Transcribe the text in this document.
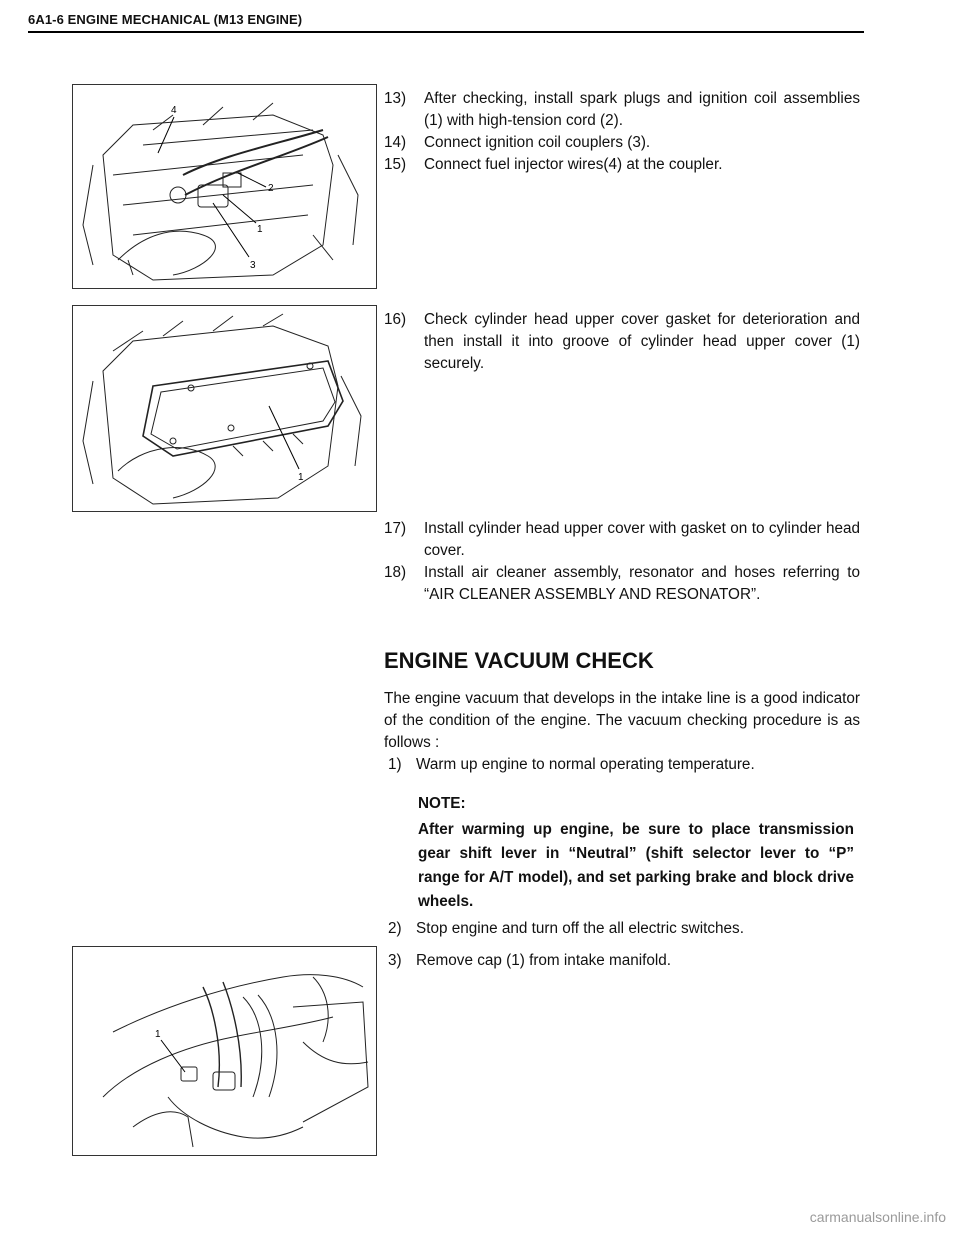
6A1-6 ENGINE MECHANICAL (M13 ENGINE)
4
2
1
3
13)	After checking, install spark plugs and ignition coil assemblies (1) with high-tension cord (2).
14)	Connect ignition coil couplers (3).
15)	Connect fuel injector wires(4) at the coupler.
1
16)	Check cylinder head upper cover gasket for deterioration and then install it into groove of cylinder head upper cover (1) securely.
17)	Install cylinder head upper cover with gasket on to cylinder head cover.
18)	Install air cleaner assembly, resonator and hoses referring to “AIR CLEANER ASSEMBLY AND RESONATOR”.
ENGINE VACUUM CHECK
The engine vacuum that develops in the intake line is a good indicator of the condition of the engine. The vacuum checking procedure is as follows :
1) Warm up engine to normal operating temperature.
NOTE:
After warming up engine, be sure to place transmission gear shift lever in “Neutral” (shift selector lever to “P” range for A/T model), and set parking brake and block drive wheels.
2) Stop engine and turn off the all electric switches.
3) Remove cap (1) from intake manifold.
1
carmanualsonline.info
